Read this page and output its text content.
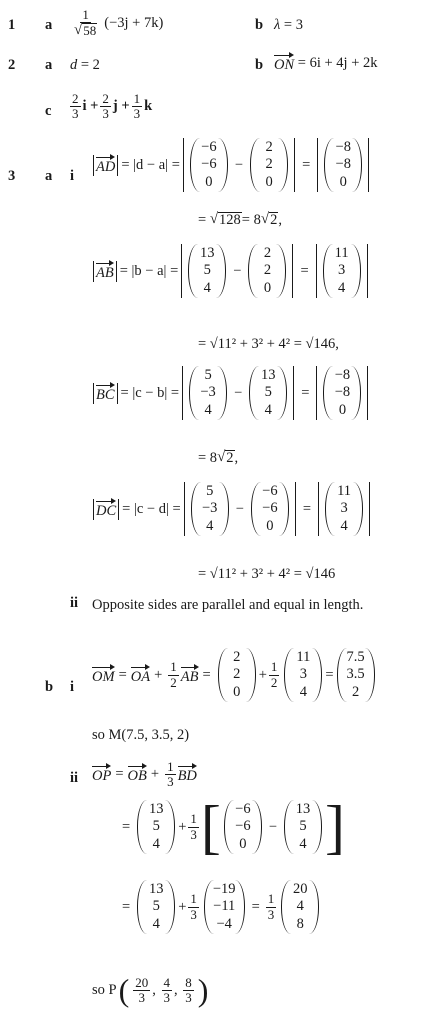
1 a $\frac{1}{√ 58} (-3j + 7k)$	b λ
= 3
2 a d
= 2	b ON
= 6i + 4j + 2k
c $\frac{2}{3}$ $i + \frac{2}{3}$ $j + \frac{1}{3}$ k
3 a i
AD = |d − a| =
−6
−6
0
−
2
2
0
=
−8
−8
0
= √ 128 = 8 √ 2 ,
AB = |b − a| =
13
5
4
−
2
2
0
=
11
3
4
= √11² + 3² + 4² = √146,
BC = |c − b| =
5
−3
4
−
13
5
4
=
−8
−8
0
= 8 √ 2 ,
DC = |c − d| =
5
−3
4
−
−6
−6
0
=
11
3
4
= √11² + 3² + 4² = √146
ii Opposite sides are parallel and equal in length.
b i
OM = OA + $\frac{1}{2}$ AB =
2
2
0
+ $\frac{1}{2}$
11
3
4
=
7.5
3.5
2
so M(7.5, 3.5, 2)
ii OP = OB + $\frac{1}{3}$ BD
=
13
5
4
+ $\frac{1}{3}$ [ −6
−6
0
−
13
5
4 ]
=
13
5
4
+ $\frac{1}{3}$
−19
−11
−4
= $\frac{1}{3}$
20
4
8
so P ( $\frac{20}{3}$ , $\frac{4}{3}$ , $\frac{8}{3}$ )
